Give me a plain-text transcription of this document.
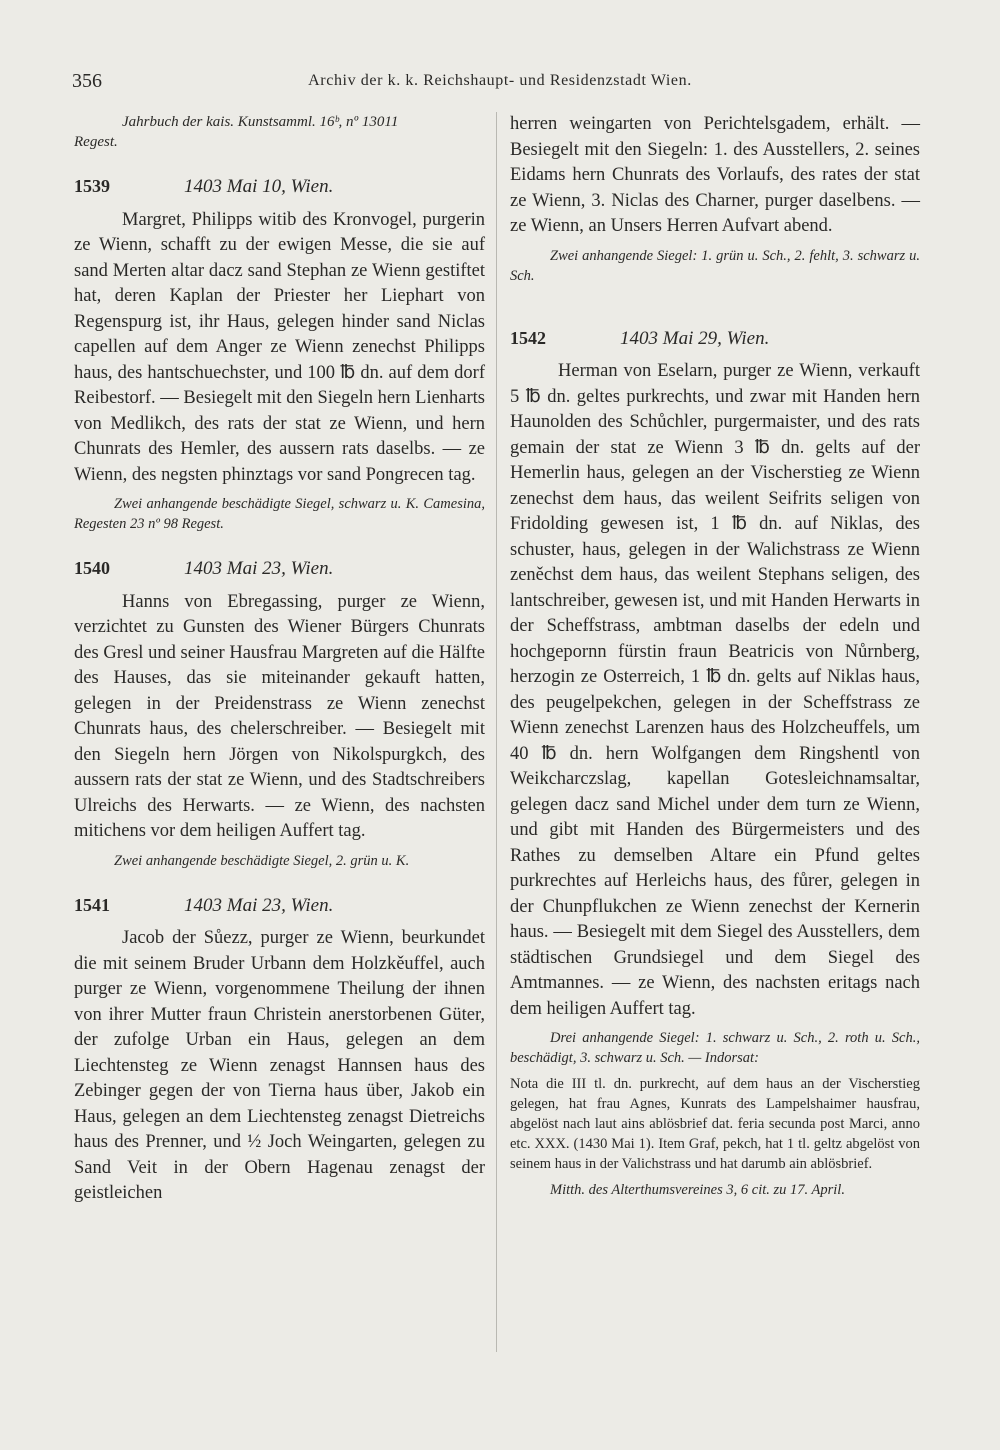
356	Archiv der k. k. Reichshaupt- und Residenzstadt Wien.
Jahrbuch der kais. Kunstsamml. 16ᵇ, nº 13011
Regest.
1539	1403 Mai 10, Wien.

Margret, Philipps witib des Kronvogel, purgerin ze Wienn, schafft zu der ewigen Messe, die sie auf sand Merten altar dacz sand Stephan ze Wienn gestiftet hat, deren Kaplan der Priester her Liephart von Regenspurg ist, ihr Haus, gelegen hinder sand Niclas capellen auf dem Anger ze Wienn zenechst Philipps haus, des hantschuechster, und 100 ℔ dn. auf dem dorf Reibestorf. — Besiegelt mit den Siegeln hern Lienharts von Medlikch, des rats der stat ze Wienn, und hern Chunrats des Hemler, des aussern rats daselbs. — ze Wienn, des negsten phinztags vor sand Pongrecen tag.

Zwei anhangende beschädigte Siegel, schwarz u. K. Camesina, Regesten 23 nº 98 Regest.

1540	1403 Mai 23, Wien.

Hanns von Ebregassing, purger ze Wienn, verzichtet zu Gunsten des Wiener Bürgers Chunrats des Gresl und seiner Hausfrau Margreten auf die Hälfte des Hauses, das sie miteinander gekauft hatten, gelegen in der Preidenstrass ze Wienn zenechst Chunrats haus, des chelerschreiber. — Besiegelt mit den Siegeln hern Jörgen von Nikolspurgkch, des aussern rats der stat ze Wienn, und des Stadtschreibers Ulreichs des Herwarts. — ze Wienn, des nachsten mitichens vor dem heiligen Auffert tag.

Zwei anhangende beschädigte Siegel, 2. grün u. K.

1541	1403 Mai 23, Wien.

Jacob der Sůezz, purger ze Wienn, beurkundet die mit seinem Bruder Urbann dem Holzkěuffel, auch purger ze Wienn, vorgenommene Theilung der ihnen von ihrer Mutter fraun Christein anerstorbenen Güter, der zufolge Urban ein Haus, gelegen an dem Liechtensteg ze Wienn zenagst Hannsen haus des Zebinger gegen der von Tierna haus über, Jakob ein Haus, gelegen an dem Liechtensteg zenagst Dietreichs haus des Prenner, und ½ Joch Weingarten, gelegen zu Sand Veit in der Obern Hagenau zenagst der geistleichen

herren weingarten von Perichtelsgadem, erhält. — Besiegelt mit den Siegeln: 1. des Ausstellers, 2. seines Eidams hern Chunrats des Vorlaufs, des rates der stat ze Wienn, 3. Niclas des Charner, purger daselbens. — ze Wienn, an Unsers Herren Aufvart abend.

Zwei anhangende Siegel: 1. grün u. Sch., 2. fehlt, 3. schwarz u. Sch.

1542	1403 Mai 29, Wien.

Herman von Eselarn, purger ze Wienn, verkauft 5 ℔ dn. geltes purkrechts, und zwar mit Handen hern Haunolden des Schůchler, purgermaister, und des rats gemain der stat ze Wienn 3 ℔ dn. gelts auf der Hemerlin haus, gelegen an der Vischerstieg ze Wienn zenechst dem haus, das weilent Seifrits seligen von Fridolding gewesen ist, 1 ℔ dn. auf Niklas, des schuster, haus, gelegen in der Walichstrass ze Wienn zeněchst dem haus, das weilent Stephans seligen, des lantschreiber, gewesen ist, und mit Handen Herwarts in der Scheffstrass, ambtman daselbs der edeln und hochgepornn fürstin fraun Beatricis von Nůrnberg, herzogin ze Osterreich, 1 ℔ dn. gelts auf Niklas haus, des peugelpekchen, gelegen in der Scheffstrass ze Wienn zenechst Larenzen haus des Holzcheuffels, um 40 ℔ dn. hern Wolfgangen dem Ringshentl von Weikcharczslag, kapellan Gotesleichnamsaltar, gelegen dacz sand Michel under dem turn ze Wienn, und gibt mit Handen des Bürgermeisters und des Rathes zu demselben Altare ein Pfund geltes purkrechtes auf Herleichs haus, des fůrer, gelegen in der Chunpflukchen ze Wienn zenechst der Kernerin haus. — Besiegelt mit dem Siegel des Ausstellers, dem städtischen Grundsiegel und dem Siegel des Amtmannes. — ze Wienn, des nachsten eritags nach dem heiligen Auffert tag.

Drei anhangende Siegel: 1. schwarz u. Sch., 2. roth u. Sch., beschädigt, 3. schwarz u. Sch. — Indorsat:

Nota die III tl. dn. purkrecht, auf dem haus an der Vischerstieg gelegen, hat frau Agnes, Kunrats des Lampelshaimer hausfrau, abgelöst nach laut ains ablösbrief dat. feria secunda post Marci, anno etc. XXX. (1430 Mai 1). Item Graf, pekch, hat 1 tl. geltz abgelöst von seinem haus in der Valichstrass und hat darumb ain ablösbrief.

Mitth. des Alterthumsvereines 3, 6 cit. zu 17. April.
